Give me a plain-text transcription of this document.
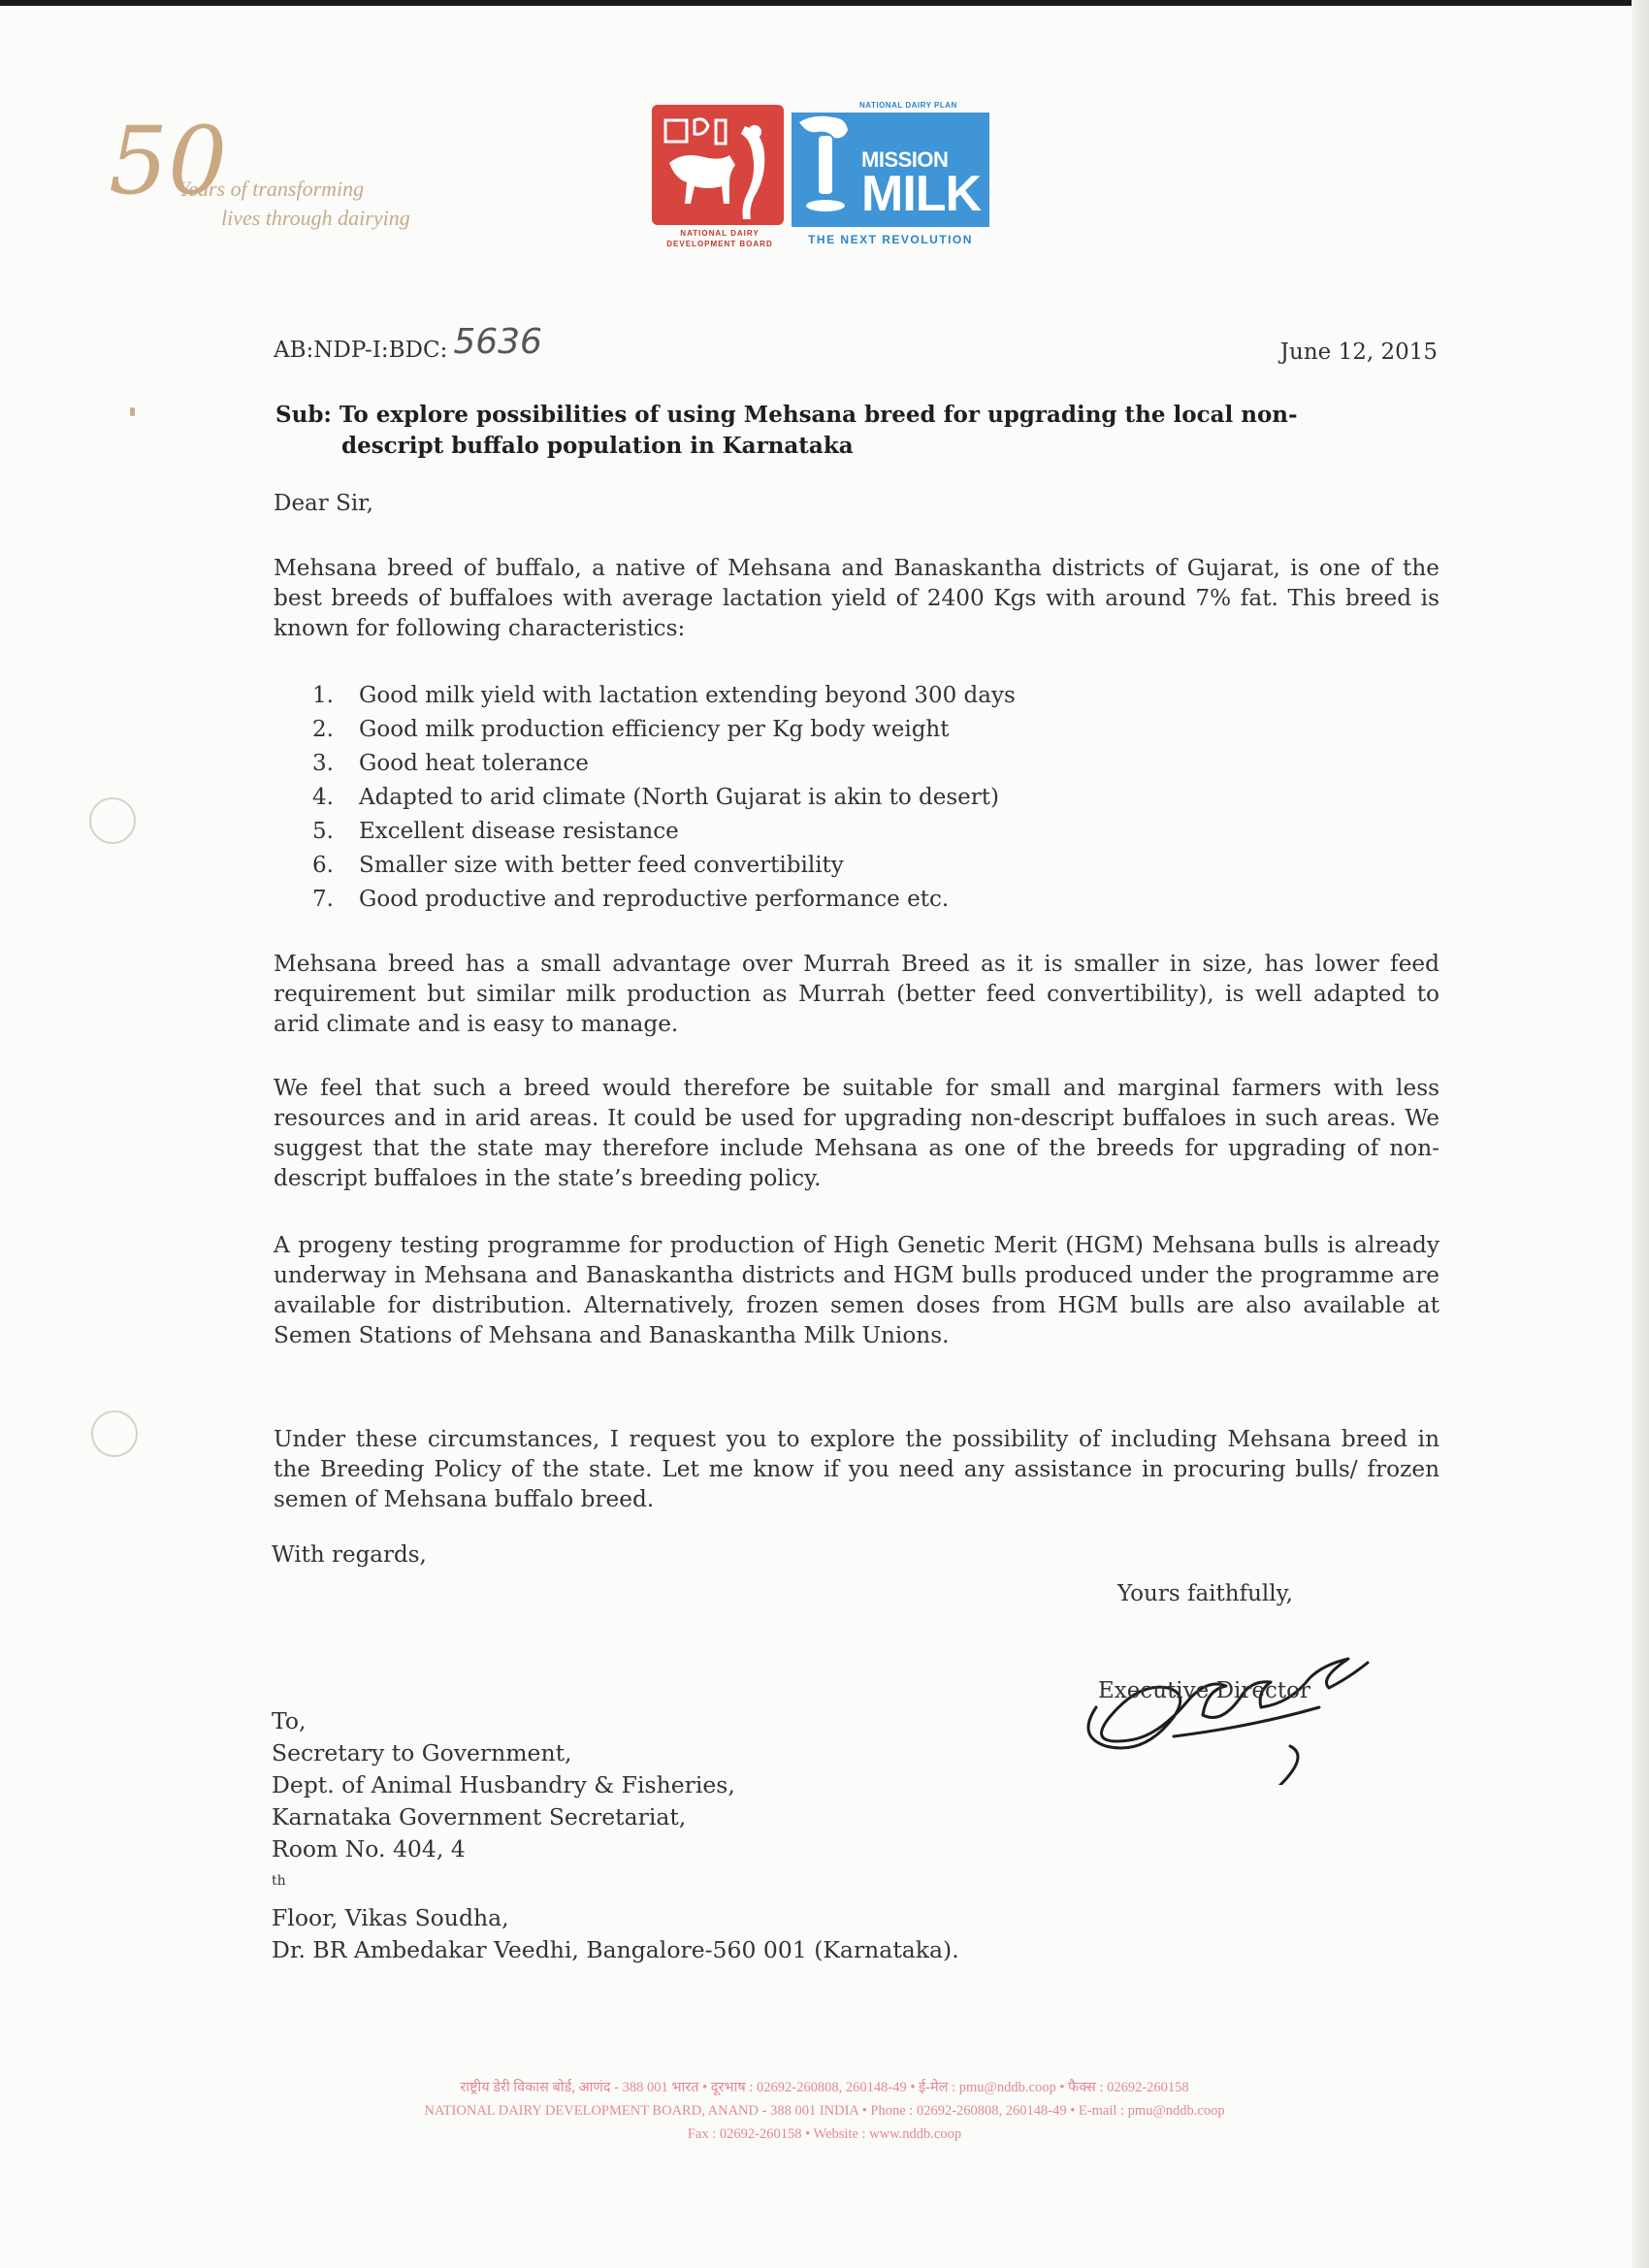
50
Years of transforming
lives through dairying
NATIONAL DAIRY
DEVELOPMENT BOARD
NATIONAL DAIRY PLAN
MISSION
MILK
THE NEXT REVOLUTION
AB:NDP-I:BDC: 5636	June 12, 2015
Sub: To explore possibilities of using Mehsana breed for upgrading the local non-
descript buffalo population in Karnataka
Dear Sir,
Mehsana breed of buffalo, a native of Mehsana and Banaskantha districts of Gujarat, is one of the best breeds of buffaloes with average lactation yield of 2400 Kgs with around 7% fat. This breed is known for following characteristics:
1.	Good milk yield with lactation extending beyond 300 days
2.	Good milk production efficiency per Kg body weight
3.	Good heat tolerance
4.	Adapted to arid climate (North Gujarat is akin to desert)
5.	Excellent disease resistance
6.	Smaller size with better feed convertibility
7.	Good productive and reproductive performance etc.
Mehsana breed has a small advantage over Murrah Breed as it is smaller in size, has lower feed requirement but similar milk production as Murrah (better feed convertibility), is well adapted to arid climate and is easy to manage.
We feel that such a breed would therefore be suitable for small and marginal farmers with less resources and in arid areas. It could be used for upgrading non-descript buffaloes in such areas. We suggest that the state may therefore include Mehsana as one of the breeds for upgrading of non-descript buffaloes in the state’s breeding policy.
A progeny testing programme for production of High Genetic Merit (HGM) Mehsana bulls is already underway in Mehsana and Banaskantha districts and HGM bulls produced under the programme are available for distribution. Alternatively, frozen semen doses from HGM bulls are also available at Semen Stations of Mehsana and Banaskantha Milk Unions.
Under these circumstances, I request you to explore the possibility of including Mehsana breed in the Breeding Policy of the state. Let me know if you need any assistance in procuring bulls/ frozen semen of Mehsana buffalo breed.
With regards,
Yours faithfully,
Executive Director
To,
Secretary to Government,
Dept. of Animal Husbandry & Fisheries,
Karnataka Government Secretariat,
Room No. 404, 4
$^{th}$
Floor, Vikas Soudha,
Dr. BR Ambedakar Veedhi, Bangalore-560 001 (Karnataka).
राष्ट्रीय डेरी विकास बोर्ड, आणंद - 388 001 भारत • दूरभाष : 02692-260808, 260148-49 • ई-मेल : pmu@nddb.coop • फैक्स : 02692-260158
NATIONAL DAIRY DEVELOPMENT BOARD, ANAND - 388 001 INDIA • Phone : 02692-260808, 260148-49 • E-mail : pmu@nddb.coop
Fax : 02692-260158 • Website : www.nddb.coop
